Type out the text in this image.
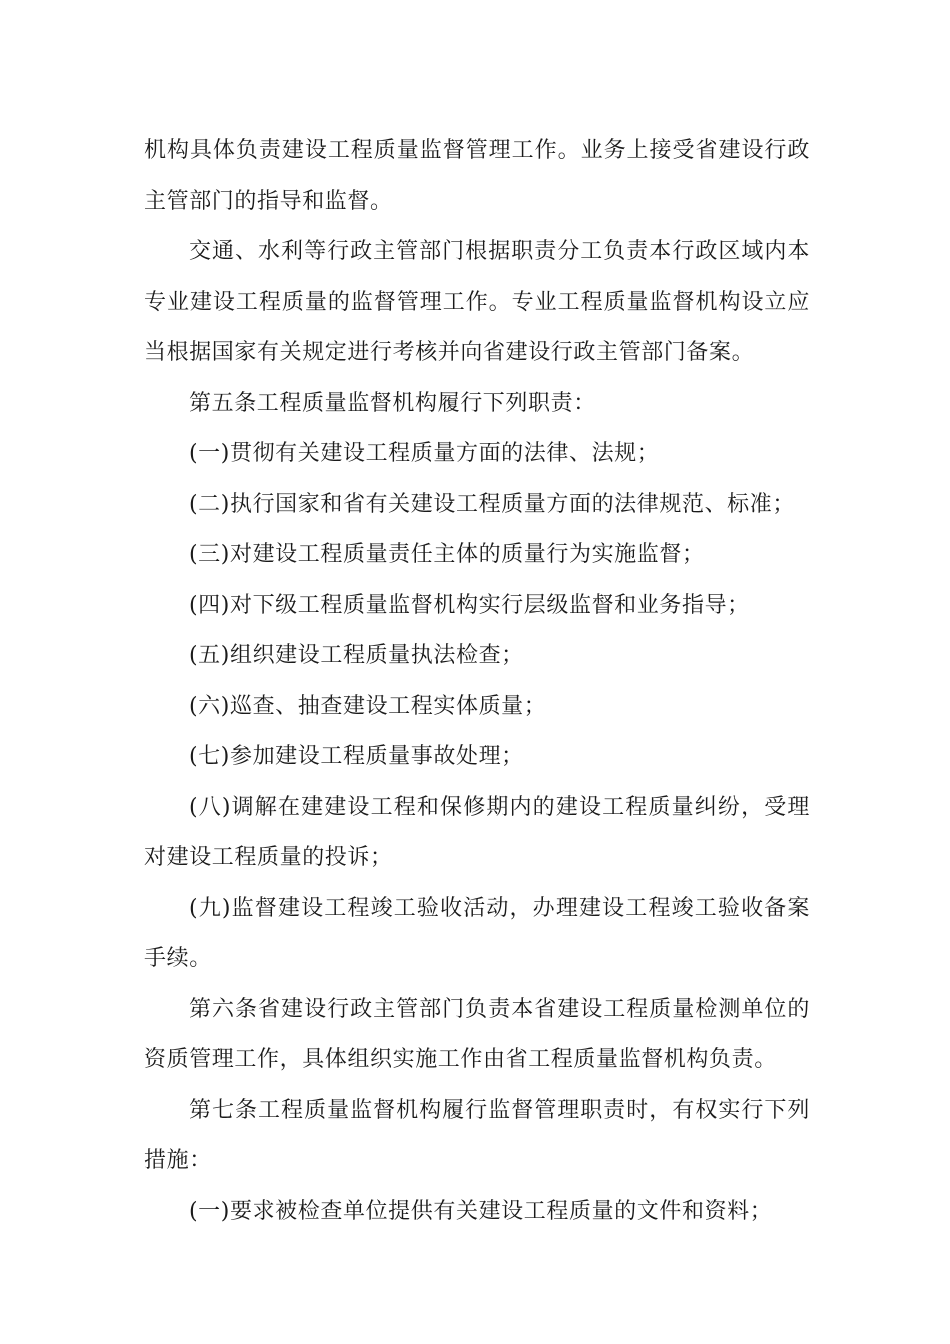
机构具体负责建设工程质量监督管理工作。业务上接受省建设行政主管部门的指导和监督。

交通、水利等行政主管部门根据职责分工负责本行政区域内本专业建设工程质量的监督管理工作。专业工程质量监督机构设立应当根据国家有关规定进行考核并向省建设行政主管部门备案。

第五条工程质量监督机构履行下列职责：

(一)贯彻有关建设工程质量方面的法律、法规；

(二)执行国家和省有关建设工程质量方面的法律规范、标准；

(三)对建设工程质量责任主体的质量行为实施监督；

(四)对下级工程质量监督机构实行层级监督和业务指导；

(五)组织建设工程质量执法检查；

(六)巡查、抽查建设工程实体质量；

(七)参加建设工程质量事故处理；

(八)调解在建建设工程和保修期内的建设工程质量纠纷，受理对建设工程质量的投诉；

(九)监督建设工程竣工验收活动，办理建设工程竣工验收备案手续。

第六条省建设行政主管部门负责本省建设工程质量检测单位的资质管理工作，具体组织实施工作由省工程质量监督机构负责。

第七条工程质量监督机构履行监督管理职责时，有权实行下列措施：

(一)要求被检查单位提供有关建设工程质量的文件和资料；
